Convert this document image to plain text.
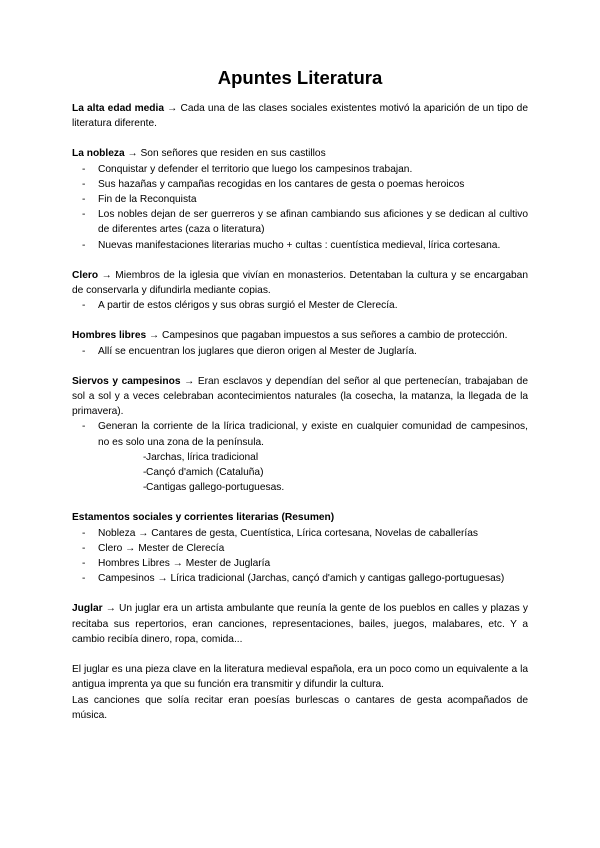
Apuntes Literatura

La alta edad media → Cada una de las clases sociales existentes motivó la aparición de un tipo de literatura diferente.

La nobleza → Son señores que residen en sus castillos

- Conquistar y defender el territorio que luego los campesinos trabajan.
- Sus hazañas y campañas recogidas en los cantares de gesta o poemas heroicos
- Fin de la Reconquista
- Los nobles dejan de ser guerreros y se afinan cambiando sus aficiones y se dedican al cultivo de diferentes artes (caza o literatura)
- Nuevas manifestaciones literarias mucho + cultas : cuentística medieval, lírica cortesana.

Clero → Miembros de la iglesia que vivían en monasterios. Detentaban la cultura y se encargaban de conservarla y difundirla mediante copias.

- A partir de estos clérigos y sus obras surgió el Mester de Clerecía.

Hombres libres → Campesinos que pagaban impuestos a sus señores a cambio de protección.

- Allí se encuentran los juglares que dieron origen al Mester de Juglaría.

Siervos y campesinos → Eran esclavos y dependían del señor al que pertenecían, trabajaban de sol a sol y a veces celebraban acontecimientos naturales (la cosecha, la matanza, la llegada de la primavera).

- Generan la corriente de la lírica tradicional, y existe en cualquier comunidad de campesinos, no es solo una zona de la península.
- Jarchas, lírica tradicional
- Cançó d'amich (Cataluña)
- Cantigas gallego-portuguesas.

Estamentos sociales y corrientes literarias (Resumen)

- Nobleza → Cantares de gesta, Cuentística, Lírica cortesana, Novelas de caballerías
- Clero → Mester de Clerecía
- Hombres Libres → Mester de Juglaría
- Campesinos → Lírica tradicional (Jarchas, cançó d'amich y cantigas gallego-portuguesas)

Juglar → Un juglar era un artista ambulante que reunía la gente de los pueblos en calles y plazas y recitaba sus repertorios, eran canciones, representaciones, bailes, juegos, malabares, etc. Y a cambio recibía dinero, ropa, comida...

El juglar es una pieza clave en la literatura medieval española, era un poco como un equivalente a la antigua imprenta ya que su función era transmitir y difundir la cultura.

Las canciones que solía recitar eran poesías burlescas o cantares de gesta acompañados de música.
